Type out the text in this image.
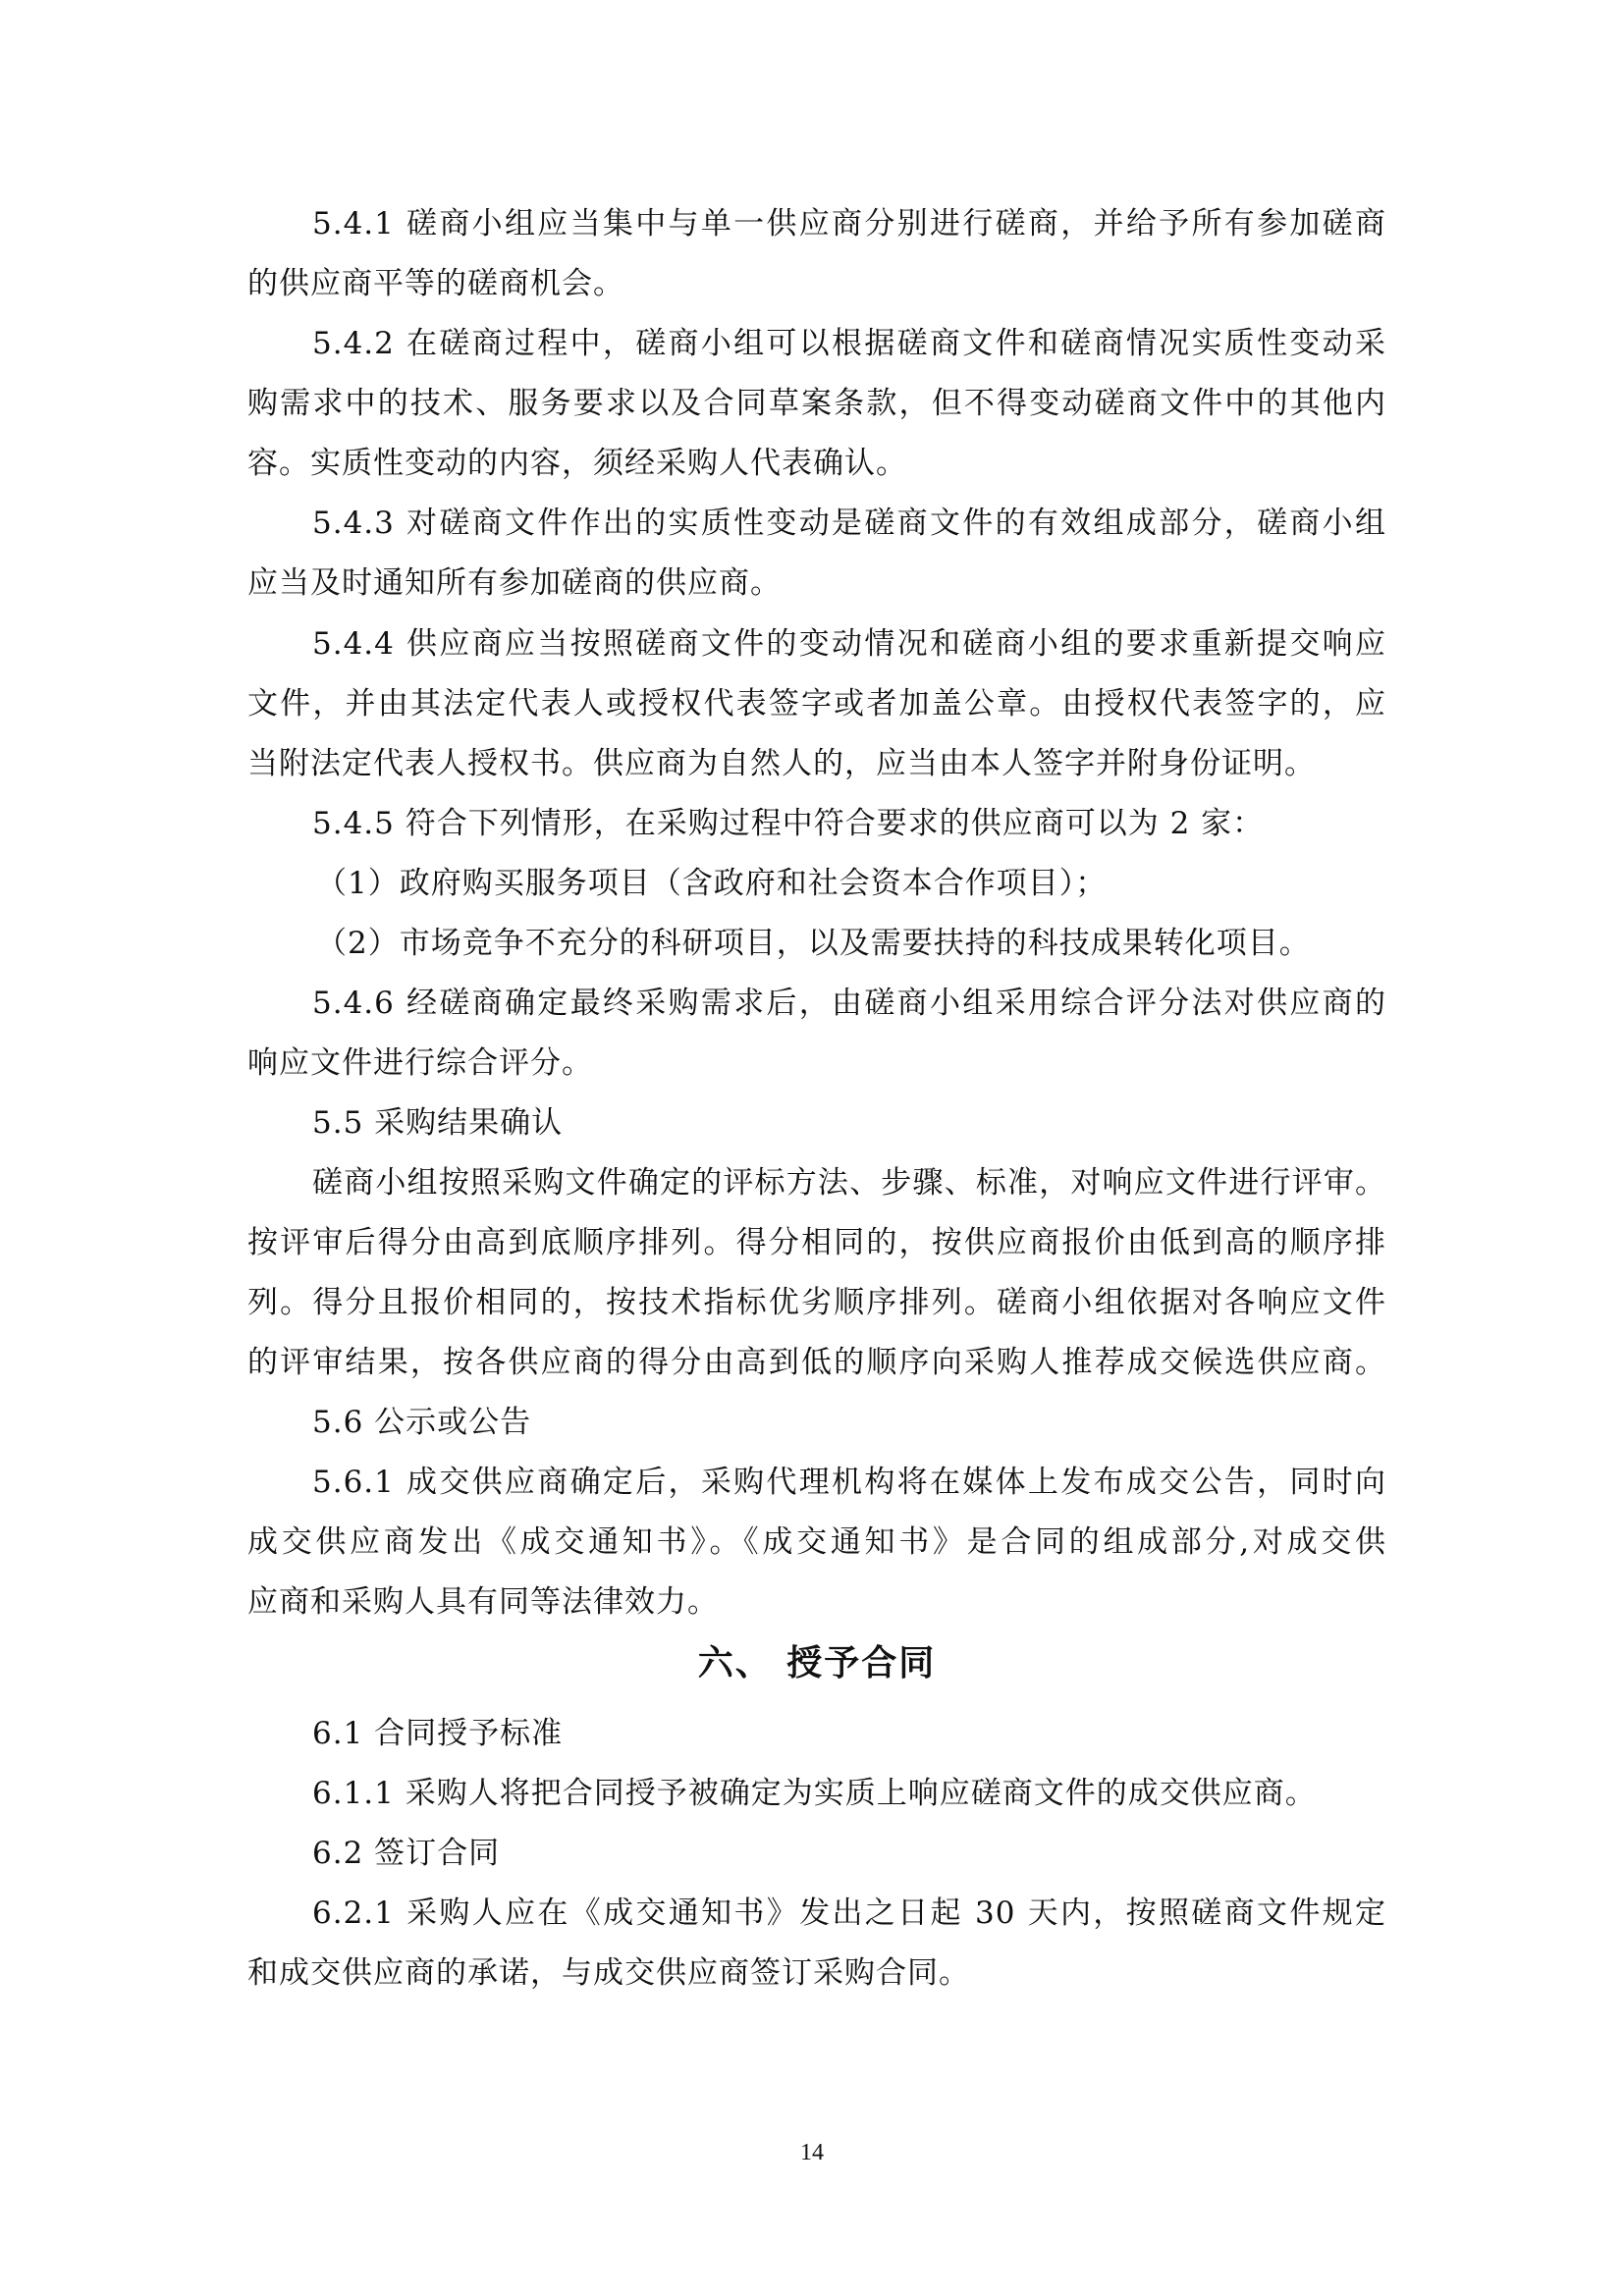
5.4.1 磋商小组应当集中与单一供应商分别进行磋商，并给予所有参加磋商
的供应商平等的磋商机会。
5.4.2 在磋商过程中，磋商小组可以根据磋商文件和磋商情况实质性变动采
购需求中的技术、服务要求以及合同草案条款，但不得变动磋商文件中的其他内
容。实质性变动的内容，须经采购人代表确认。
5.4.3 对磋商文件作出的实质性变动是磋商文件的有效组成部分，磋商小组
应当及时通知所有参加磋商的供应商。
5.4.4 供应商应当按照磋商文件的变动情况和磋商小组的要求重新提交响应
文件，并由其法定代表人或授权代表签字或者加盖公章。由授权代表签字的，应
当附法定代表人授权书。供应商为自然人的，应当由本人签字并附身份证明。
5.4.5 符合下列情形，在采购过程中符合要求的供应商可以为 2 家：
（1）政府购买服务项目（含政府和社会资本合作项目）；
（2）市场竞争不充分的科研项目，以及需要扶持的科技成果转化项目。
5.4.6 经磋商确定最终采购需求后，由磋商小组采用综合评分法对供应商的
响应文件进行综合评分。
5.5 采购结果确认
磋商小组按照采购文件确定的评标方法、步骤、标准，对响应文件进行评审。
按评审后得分由高到底顺序排列。得分相同的，按供应商报价由低到高的顺序排
列。得分且报价相同的，按技术指标优劣顺序排列。磋商小组依据对各响应文件
的评审结果，按各供应商的得分由高到低的顺序向采购人推荐成交候选供应商。
5.6 公示或公告
5.6.1 成交供应商确定后，采购代理机构将在媒体上发布成交公告，同时向
成交供应商发出《成交通知书》。《成交通知书》是合同的组成部分,对成交供
应商和采购人具有同等法律效力。
六、 授予合同
6.1 合同授予标准
6.1.1 采购人将把合同授予被确定为实质上响应磋商文件的成交供应商。
6.2 签订合同
6.2.1 采购人应在《成交通知书》发出之日起 30 天内，按照磋商文件规定
和成交供应商的承诺，与成交供应商签订采购合同。
14
